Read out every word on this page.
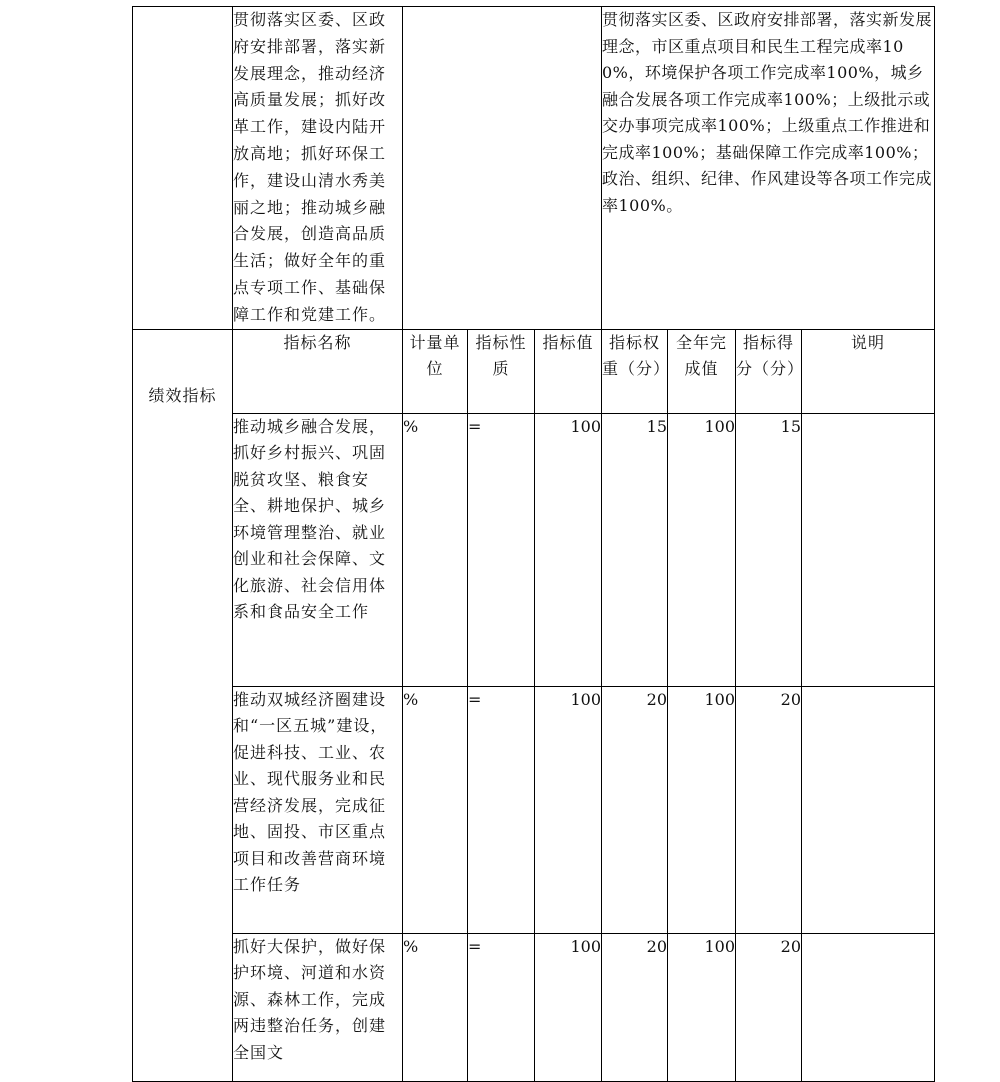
	贯彻落实区委、区政府安排部署，落实新发展理念，推动经济高质量发展；抓好改革工作，建设内陆开放高地；抓好环保工作，建设山清水秀美丽之地；推动城乡融合发展，创造高品质生活；做好全年的重点专项工作、基础保障工作和党建工作。				贯彻落实区委、区政府安排部署，落实新发展理念，市区重点项目和民生工程完成率100%，环境保护各项工作完成率100%，城乡融合发展各项工作完成率100%；上级批示或交办事项完成率100%；上级重点工作推进和完成率100%；基础保障工作完成率100%；政治、组织、纪律、作风建设等各项工作完成率100%。			
绩效指标	指标名称	计量单位	指标性质	指标值	指标权重（分）	全年完成值	指标得分（分）	说明
	推动城乡融合发展，抓好乡村振兴、巩固脱贫攻坚、粮食安全、耕地保护、城乡环境管理整治、就业创业和社会保障、文化旅游、社会信用体系和食品安全工作	%	=	100	15	100	15	
	推动双城经济圈建设和“一区五城”建设，促进科技、工业、农业、现代服务业和民营经济发展，完成征地、固投、市区重点项目和改善营商环境工作任务	%	=	100	20	100	20	
	抓好大保护，做好保护环境、河道和水资源、森林工作，完成两违整治任务，创建全国文	%	=	100	20	100	20	
